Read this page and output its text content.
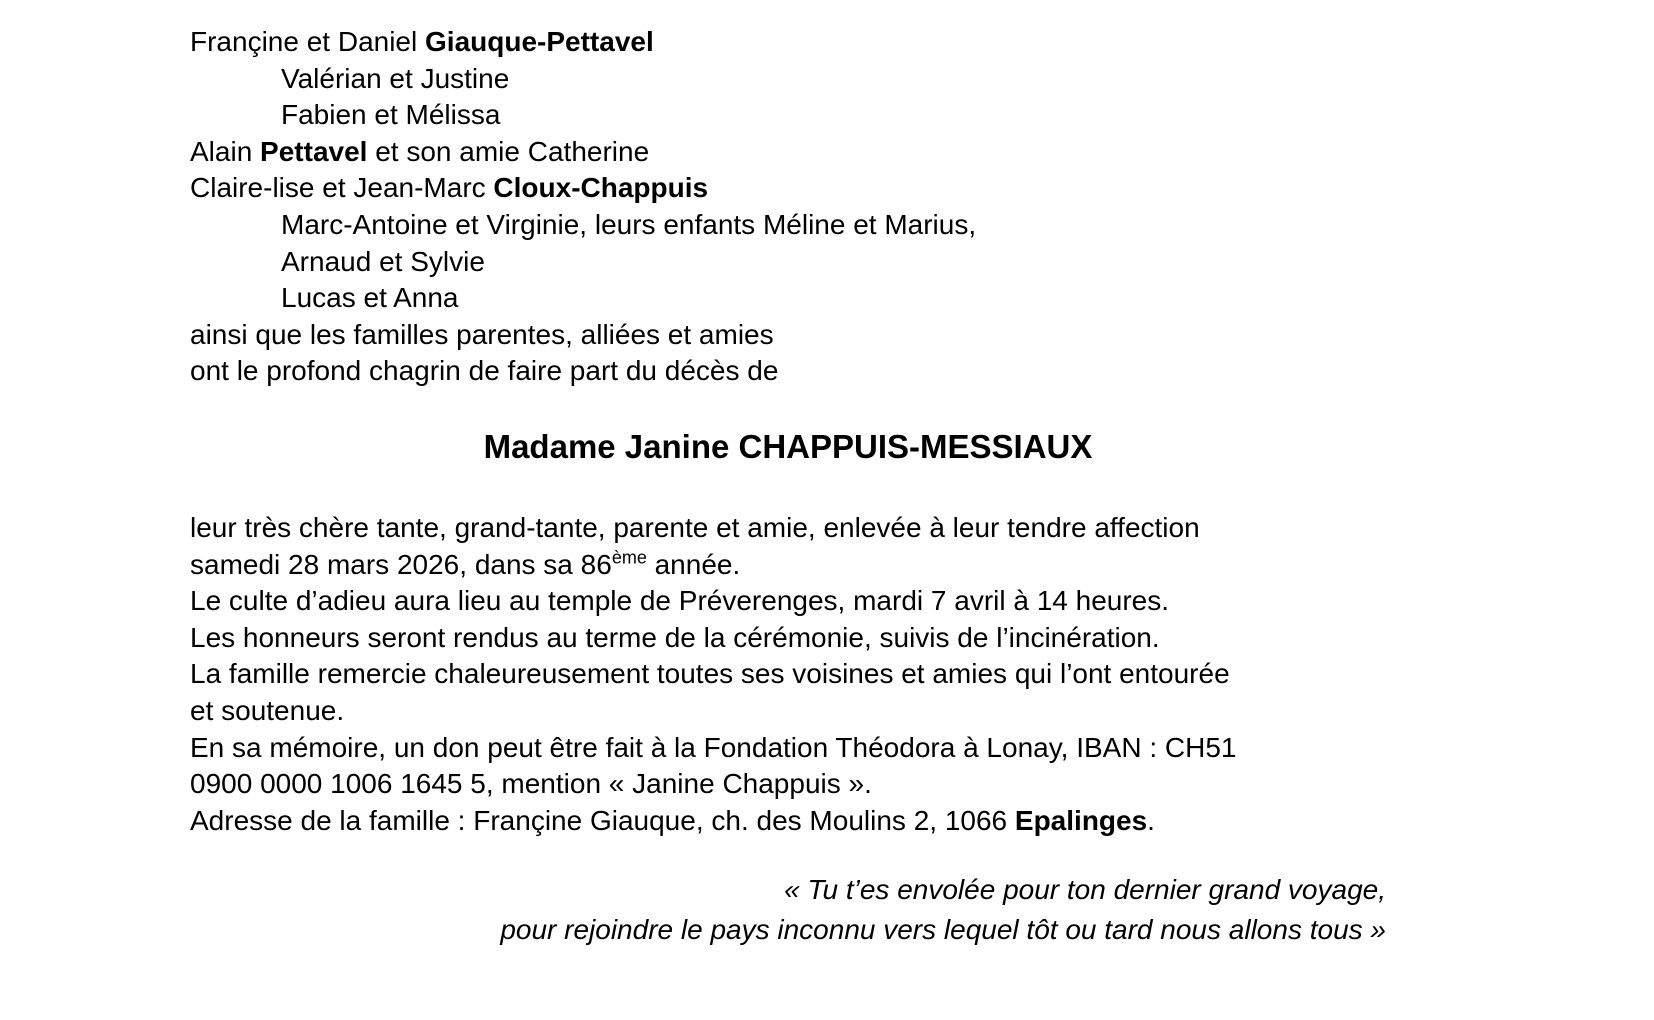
Françine et Daniel Giauque-Pettavel
Valérian et Justine
Fabien et Mélissa
Alain Pettavel et son amie Catherine
Claire-lise et Jean-Marc Cloux-Chappuis
Marc-Antoine et Virginie, leurs enfants Méline et Marius,
Arnaud et Sylvie
Lucas et Anna
ainsi que les familles parentes, alliées et amies
ont le profond chagrin de faire part du décès de
Madame Janine CHAPPUIS-MESSIAUX
leur très chère tante, grand-tante, parente et amie, enlevée à leur tendre affection
samedi 28 mars 2026, dans sa 86ème année.
Le culte d’adieu aura lieu au temple de Préverenges, mardi 7 avril à 14 heures.
Les honneurs seront rendus au terme de la cérémonie, suivis de l’incinération.
La famille remercie chaleureusement toutes ses voisines et amies qui l’ont entourée
et soutenue.
En sa mémoire, un don peut être fait à la Fondation Théodora à Lonay, IBAN : CH51
0900 0000 1006 1645 5, mention « Janine Chappuis ».
Adresse de la famille : Françine Giauque, ch. des Moulins 2, 1066 Epalinges.
« Tu t’es envolée pour ton dernier grand voyage,
pour rejoindre le pays inconnu vers lequel tôt ou tard nous allons tous »
